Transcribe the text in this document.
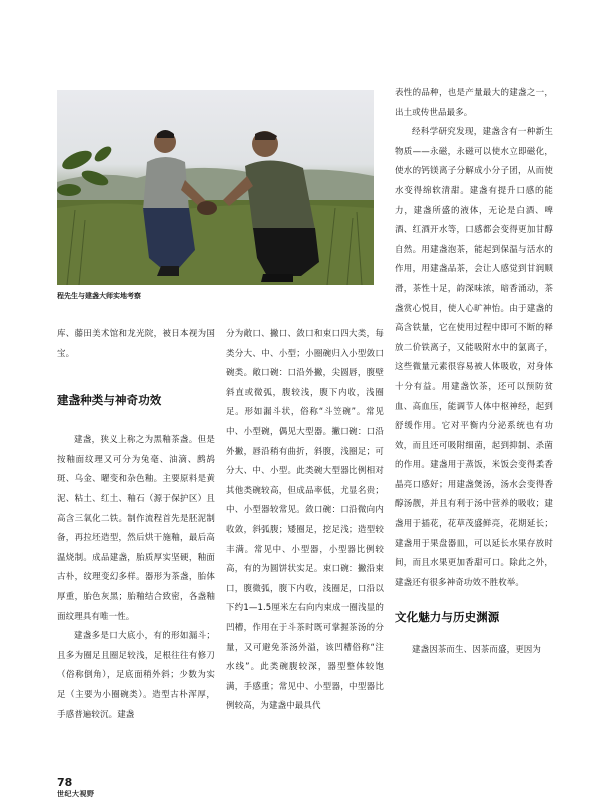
程先生与建盏大师实地考察

库、藤田美术馆和龙光院，被日本视为国宝。

建盏种类与神奇功效

建盏，狭义上称之为黑釉茶盏。但是按釉面纹理又可分为兔毫、油滴、鹧鸪斑、乌金、曜变和杂色釉。主要原料是黄泥、粘土、红土、釉石（源于保护区）且高含三氧化二铁。制作流程首先是胚泥制备，再拉坯造型，然后烘干施釉，最后高温烧制。成品建盏，胎质厚实坚硬，釉面古朴，纹理变幻多样。器形为茶盏，胎体厚重，胎色灰黑；胎釉结合致密，各盏釉面纹理具有唯一性。

建盏多是口大底小，有的形如漏斗；且多为圈足且圈足较浅，足根往往有修刀（俗称倒角），足底面稍外斜；少数为实足（主要为小圈碗类）。造型古朴浑厚，手感普遍较沉。建盏

分为敞口、撇口、敛口和束口四大类，每类分大、中、小型；小圈碗归入小型敛口碗类。敞口碗：口沿外撇，尖圆唇，腹壁斜直或微弧，腹较浅，腹下内收，浅圈足。形如漏斗状，俗称“斗笠碗”。常见中、小型碗，偶见大型器。撇口碗：口沿外撇，唇沿稍有曲折，斜腹，浅圈足；可分大、中、小型。此类碗大型器比例相对其他类碗较高，但成品率低，尤显名贵；中、小型器较常见。敛口碗：口沿微向内收敛，斜弧腹；矮圈足，挖足浅；造型较丰满。常见中、小型器，小型器比例较高，有的为圆饼状实足。束口碗：撇沿束口，腹微弧，腹下内收，浅圈足，口沿以下约1—1.5厘米左右向内束成一圈浅显的凹槽，作用在于斗茶时既可掌握茶汤的分量，又可避免茶汤外溢，该凹槽俗称“注水线”。此类碗腹较深，器型整体较饱满，手感重；常见中、小型器，中型器比例较高，为建盏中最具代

表性的品种，也是产量最大的建盏之一，出土或传世品最多。

经科学研究发现，建盏含有一种新生物质——永磁，永磁可以使水立即磁化，使水的钙镁离子分解成小分子团，从而使水变得绵软清甜。建盏有提升口感的能力，建盏所盛的液体，无论是白酒、啤酒、红酒开水等，口感都会变得更加甘醇自然。用建盏泡茶，能起到保温与活水的作用，用建盏品茶，会让人感觉到甘润顺滑，茶性十足，韵深味浓，暗香涌动，茶盏赏心悦目，使人心旷神怡。由于建盏的高含铁量，它在使用过程中即可不断的释放二价铁离子，又能吸附水中的氯离子，这些微量元素很容易被人体吸收，对身体十分有益。用建盏饮茶，还可以预防贫血、高血压，能调节人体中枢神经，起到舒缓作用。它对平衡内分泌系统也有功效，而且还可吸附细菌，起到抑制、杀菌的作用。建盏用于蒸饭，米饭会变得柔香晶亮口感好；用建盏煲汤，汤水会变得香醇汤靓，并且有利于汤中营养的吸收；建盏用于插花，花草茂盛鲜亮，花期延长；建盏用于果盘器皿，可以延长水果存放时间，而且水果更加香甜可口。除此之外，建盏还有很多神奇功效不胜枚举。

文化魅力与历史渊源

建盏因茶而生、因茶而盛，更因为

78
世纪大视野
